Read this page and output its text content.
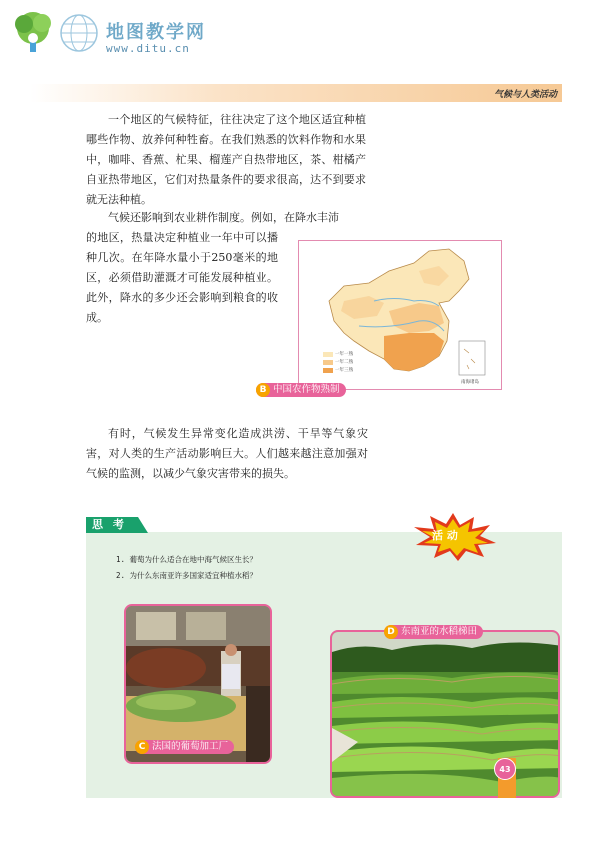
地图教学网
www.ditu.cn
气候与人类活动
一个地区的气候特征，往往决定了这个地区适宜种植哪些作物、放养何种牲畜。在我们熟悉的饮料作物和水果中，咖啡、香蕉、杧果、榴莲产自热带地区，茶、柑橘产自亚热带地区，它们对热量条件的要求很高，达不到要求就无法种植。
气候还影响到农业耕作制度。例如，在降水丰沛
的地区，热量决定种植业一年中可以播种几次。在年降水量小于250毫米的地区，必须借助灌溉才可能发展种植业。此外，降水的多少还会影响到粮食的收成。
一年一熟
一年二熟
一年三熟
南海诸岛
B 中国农作物熟制
有时，气候发生异常变化造成洪涝、干旱等气象灾害，对人类的生产活动影响巨大。人们越来越注意加强对气候的监测，以减少气象灾害带来的损失。
思 考
1. 葡萄为什么适合在地中海气候区生长？
2. 为什么东南亚许多国家适宜种植水稻？
活 动
C 法国的葡萄加工厂
D 东南亚的水稻梯田
43
